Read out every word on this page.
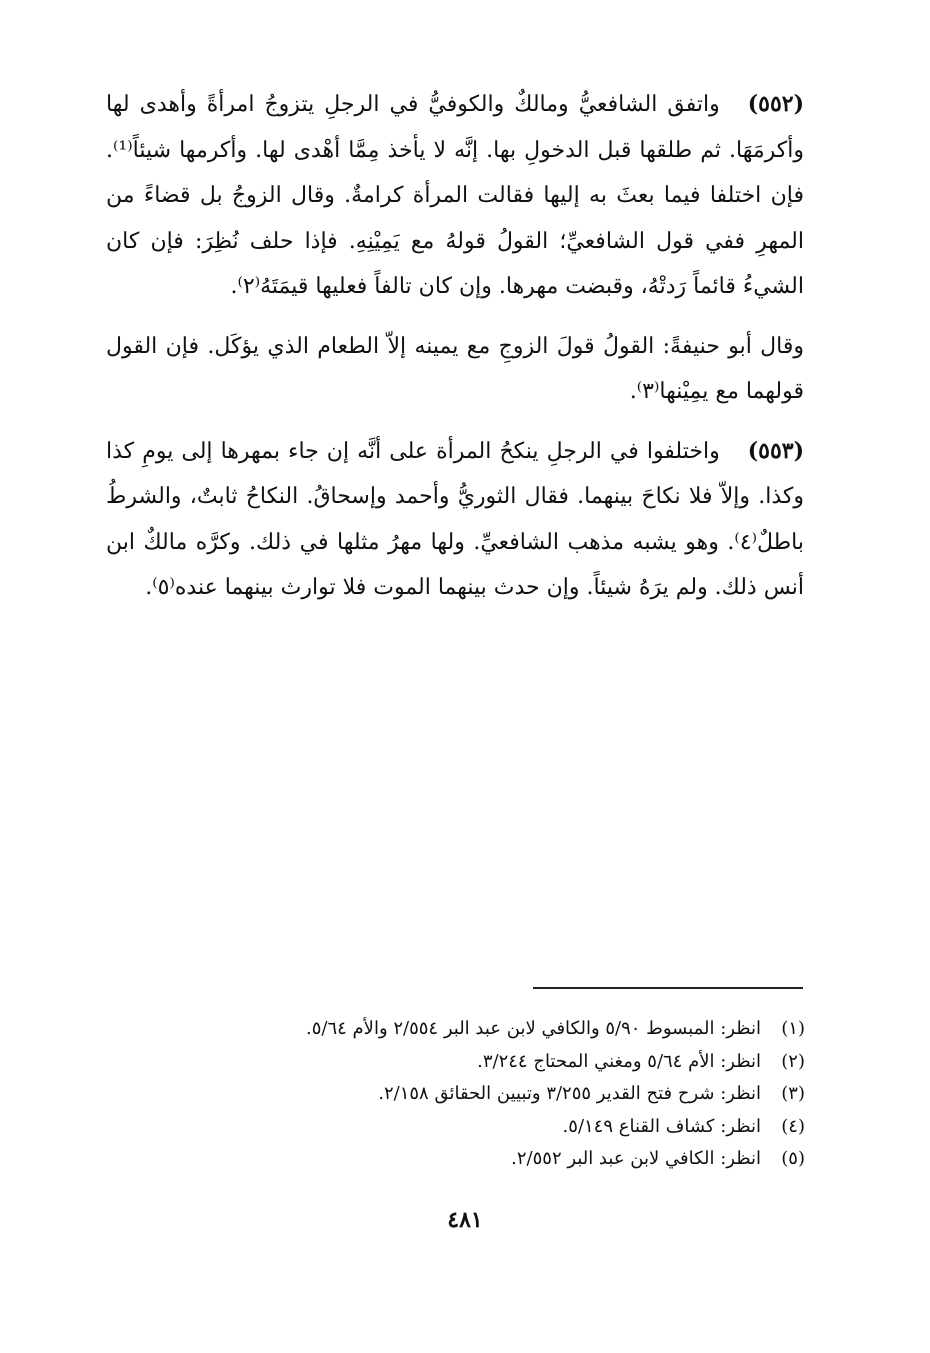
(٥٥٢)واتفق الشافعيُّ ومالكٌ والكوفيُّ في الرجلِ يتزوجُ امرأةً وأهدى لها وأكرمَهَا. ثم طلقها قبل الدخولِ بها. إنَّه لا يأخذ مِمَّا أهْدى لها. وأكرمها شيئاً⁽¹⁾. فإن اختلفا فيما بعثَ به إليها فقالت المرأة كرامةٌ. وقال الزوجُ بل قضاءً من المهرِ ففي قول الشافعيِّ؛ القولُ قولهُ مع يَمِيْنِهِ. فإذا حلف نُظِرَ: فإن كان الشيءُ قائماً رَدتْهُ، وقبضت مهرها. وإن كان تالفاً فعليها قيمَتَهُ⁽٢⁾.

وقال أبو حنيفةً: القولُ قولَ الزوجِ مع يمينه إلاّ الطعام الذي يؤكَل. فإن القول قولهما مع يمِيْنها⁽٣⁾.

(٥٥٣)واختلفوا في الرجلِ ينكحُ المرأة على أنَّه إن جاء بمهرها إلى يومِ كذا وكذا. وإلاّ فلا نكاحَ بينهما. فقال الثوريُّ وأحمد وإسحاقُ. النكاحُ ثابتٌ، والشرطُ باطلٌ⁽٤⁾. وهو يشبه مذهب الشافعيِّ. ولها مهرُ مثلها في ذلك. وكرَّه مالكٌ ابن أنس ذلك. ولم يرَهُ شيئاً. وإن حدث بينهما الموت فلا توارث بينهما عنده⁽٥⁾.

(١)انظر: المبسوط ٥/٩٠ والكافي لابن عبد البر ٢/٥٥٤ والأم ٥/٦٤.
(٢)انظر: الأم ٥/٦٤ ومغني المحتاج ٣/٢٤٤.
(٣)انظر: شرح فتح القدير ٣/٢٥٥ وتبيين الحقائق ٢/١٥٨.
(٤)انظر: كشاف القناع ٥/١٤٩.
(٥)انظر: الكافي لابن عبد البر ٢/٥٥٢.
٤٨١
